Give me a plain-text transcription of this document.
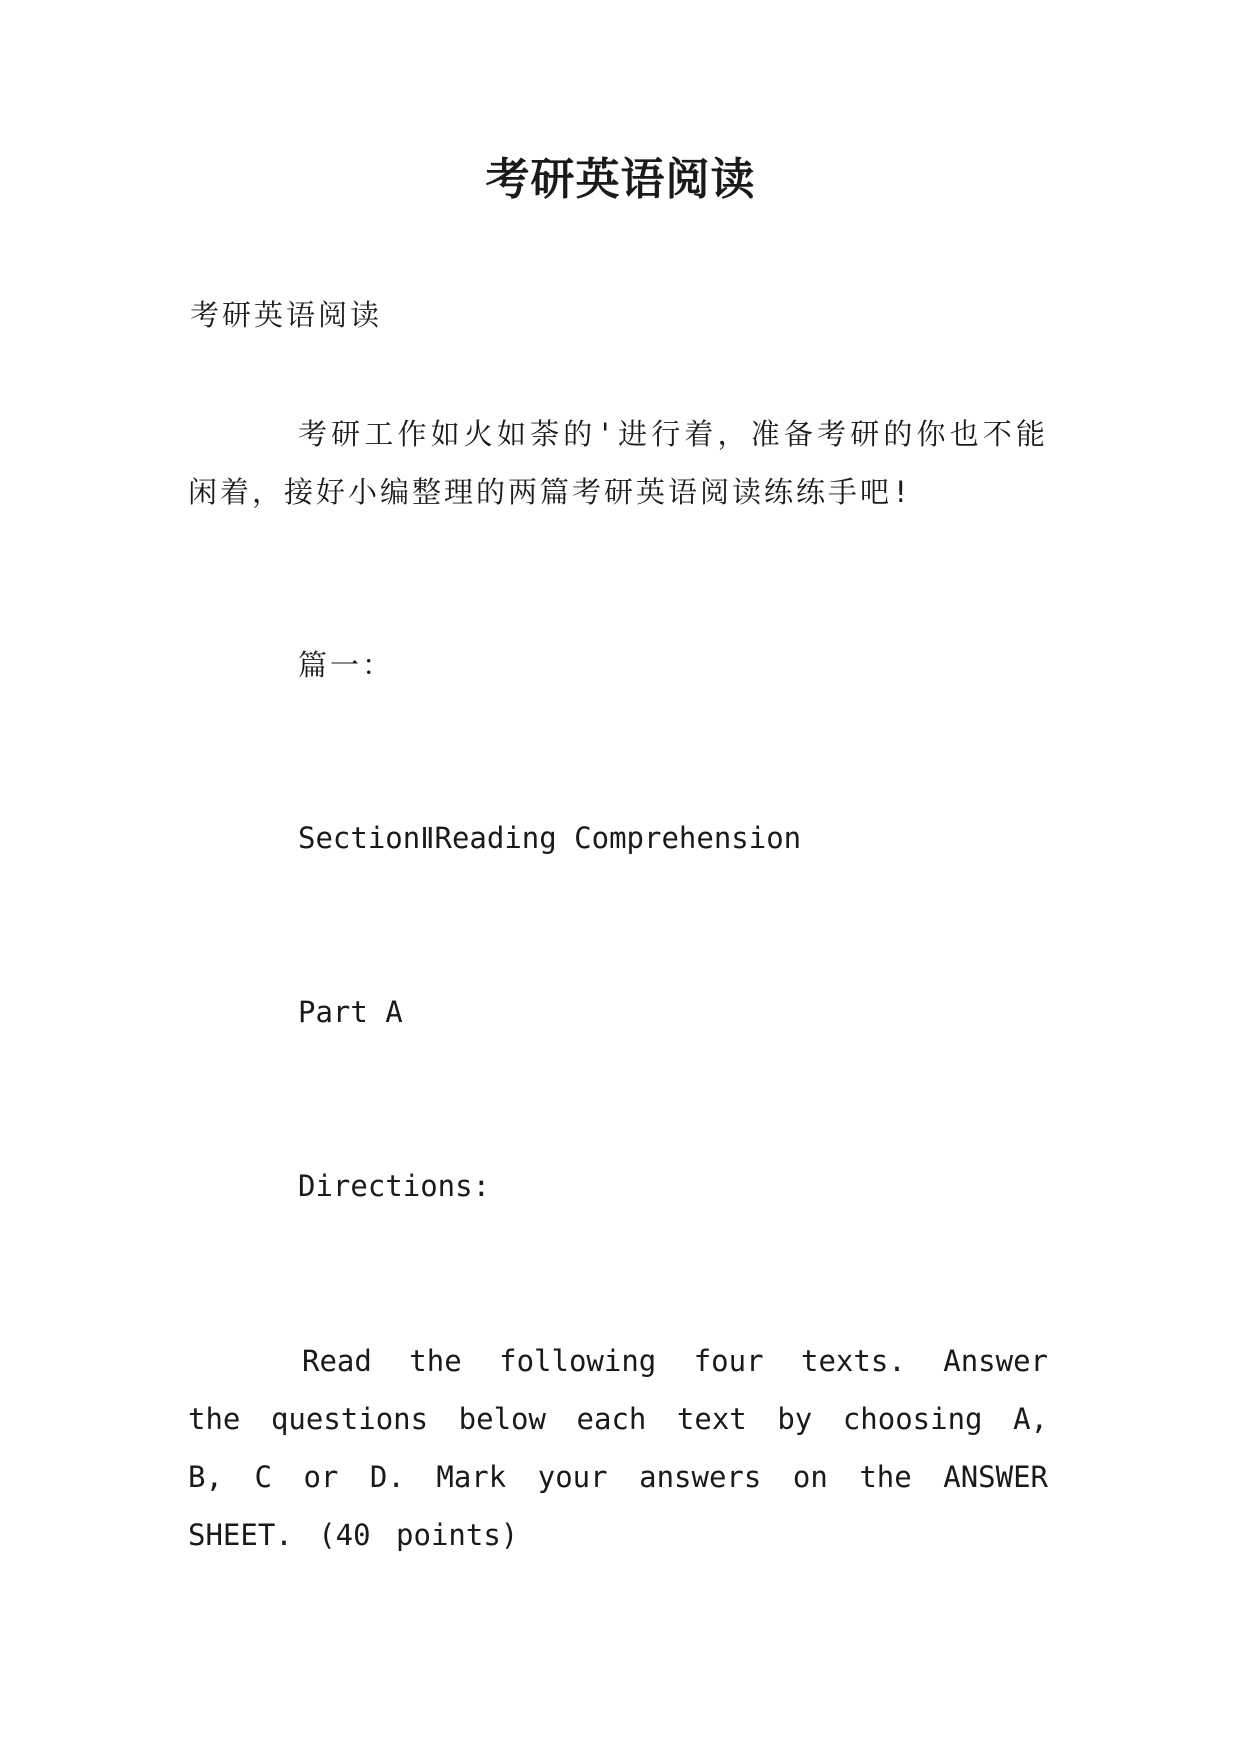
考研英语阅读
考研英语阅读
考研工作如火如荼的'进行着，准备考研的你也不能闲着，接好小编整理的两篇考研英语阅读练练手吧!
篇一：
SectionⅡReading Comprehension
Part A
Directions:
Read the following four texts. Answer the questions below each text by choosing A, B, C or D. Mark your answers on the ANSWER SHEET. (40 points)
